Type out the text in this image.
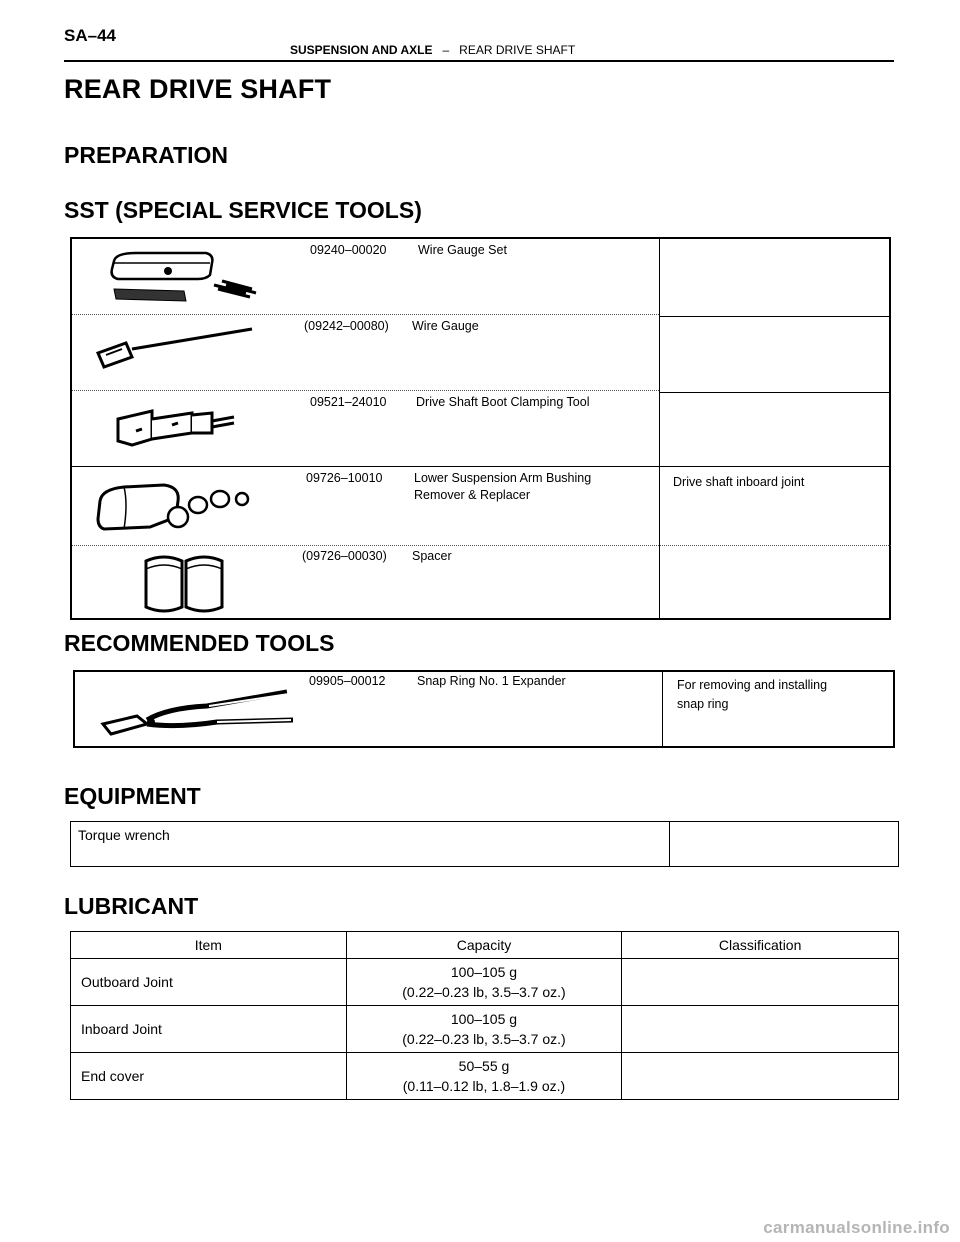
SA–44
SUSPENSION AND AXLE – REAR DRIVE SHAFT
REAR DRIVE SHAFT
PREPARATION
SST (SPECIAL SERVICE TOOLS)
09240–00020	Wire Gauge Set
(09242–00080) Wire Gauge
09521–24010 Drive Shaft Boot Clamping Tool
09726–10010	Lower Suspension Arm Bushing
Remover & Replacer
Drive shaft inboard joint
(09726–00030) Spacer
RECOMMENDED TOOLS
09905–00012	Snap Ring No. 1 Expander	For removing and installing
snap ring
EQUIPMENT
Torque wrench
LUBRICANT
Item	Capacity	Classification
Outboard Joint	100–105 g
(0.22–0.23 lb, 3.5–3.7 oz.)	

Inboard Joint	100–105 g
(0.22–0.23 lb, 3.5–3.7 oz.)	

End cover	50–55 g
(0.11–0.12 lb, 1.8–1.9 oz.)	

carmanualsonline.info
